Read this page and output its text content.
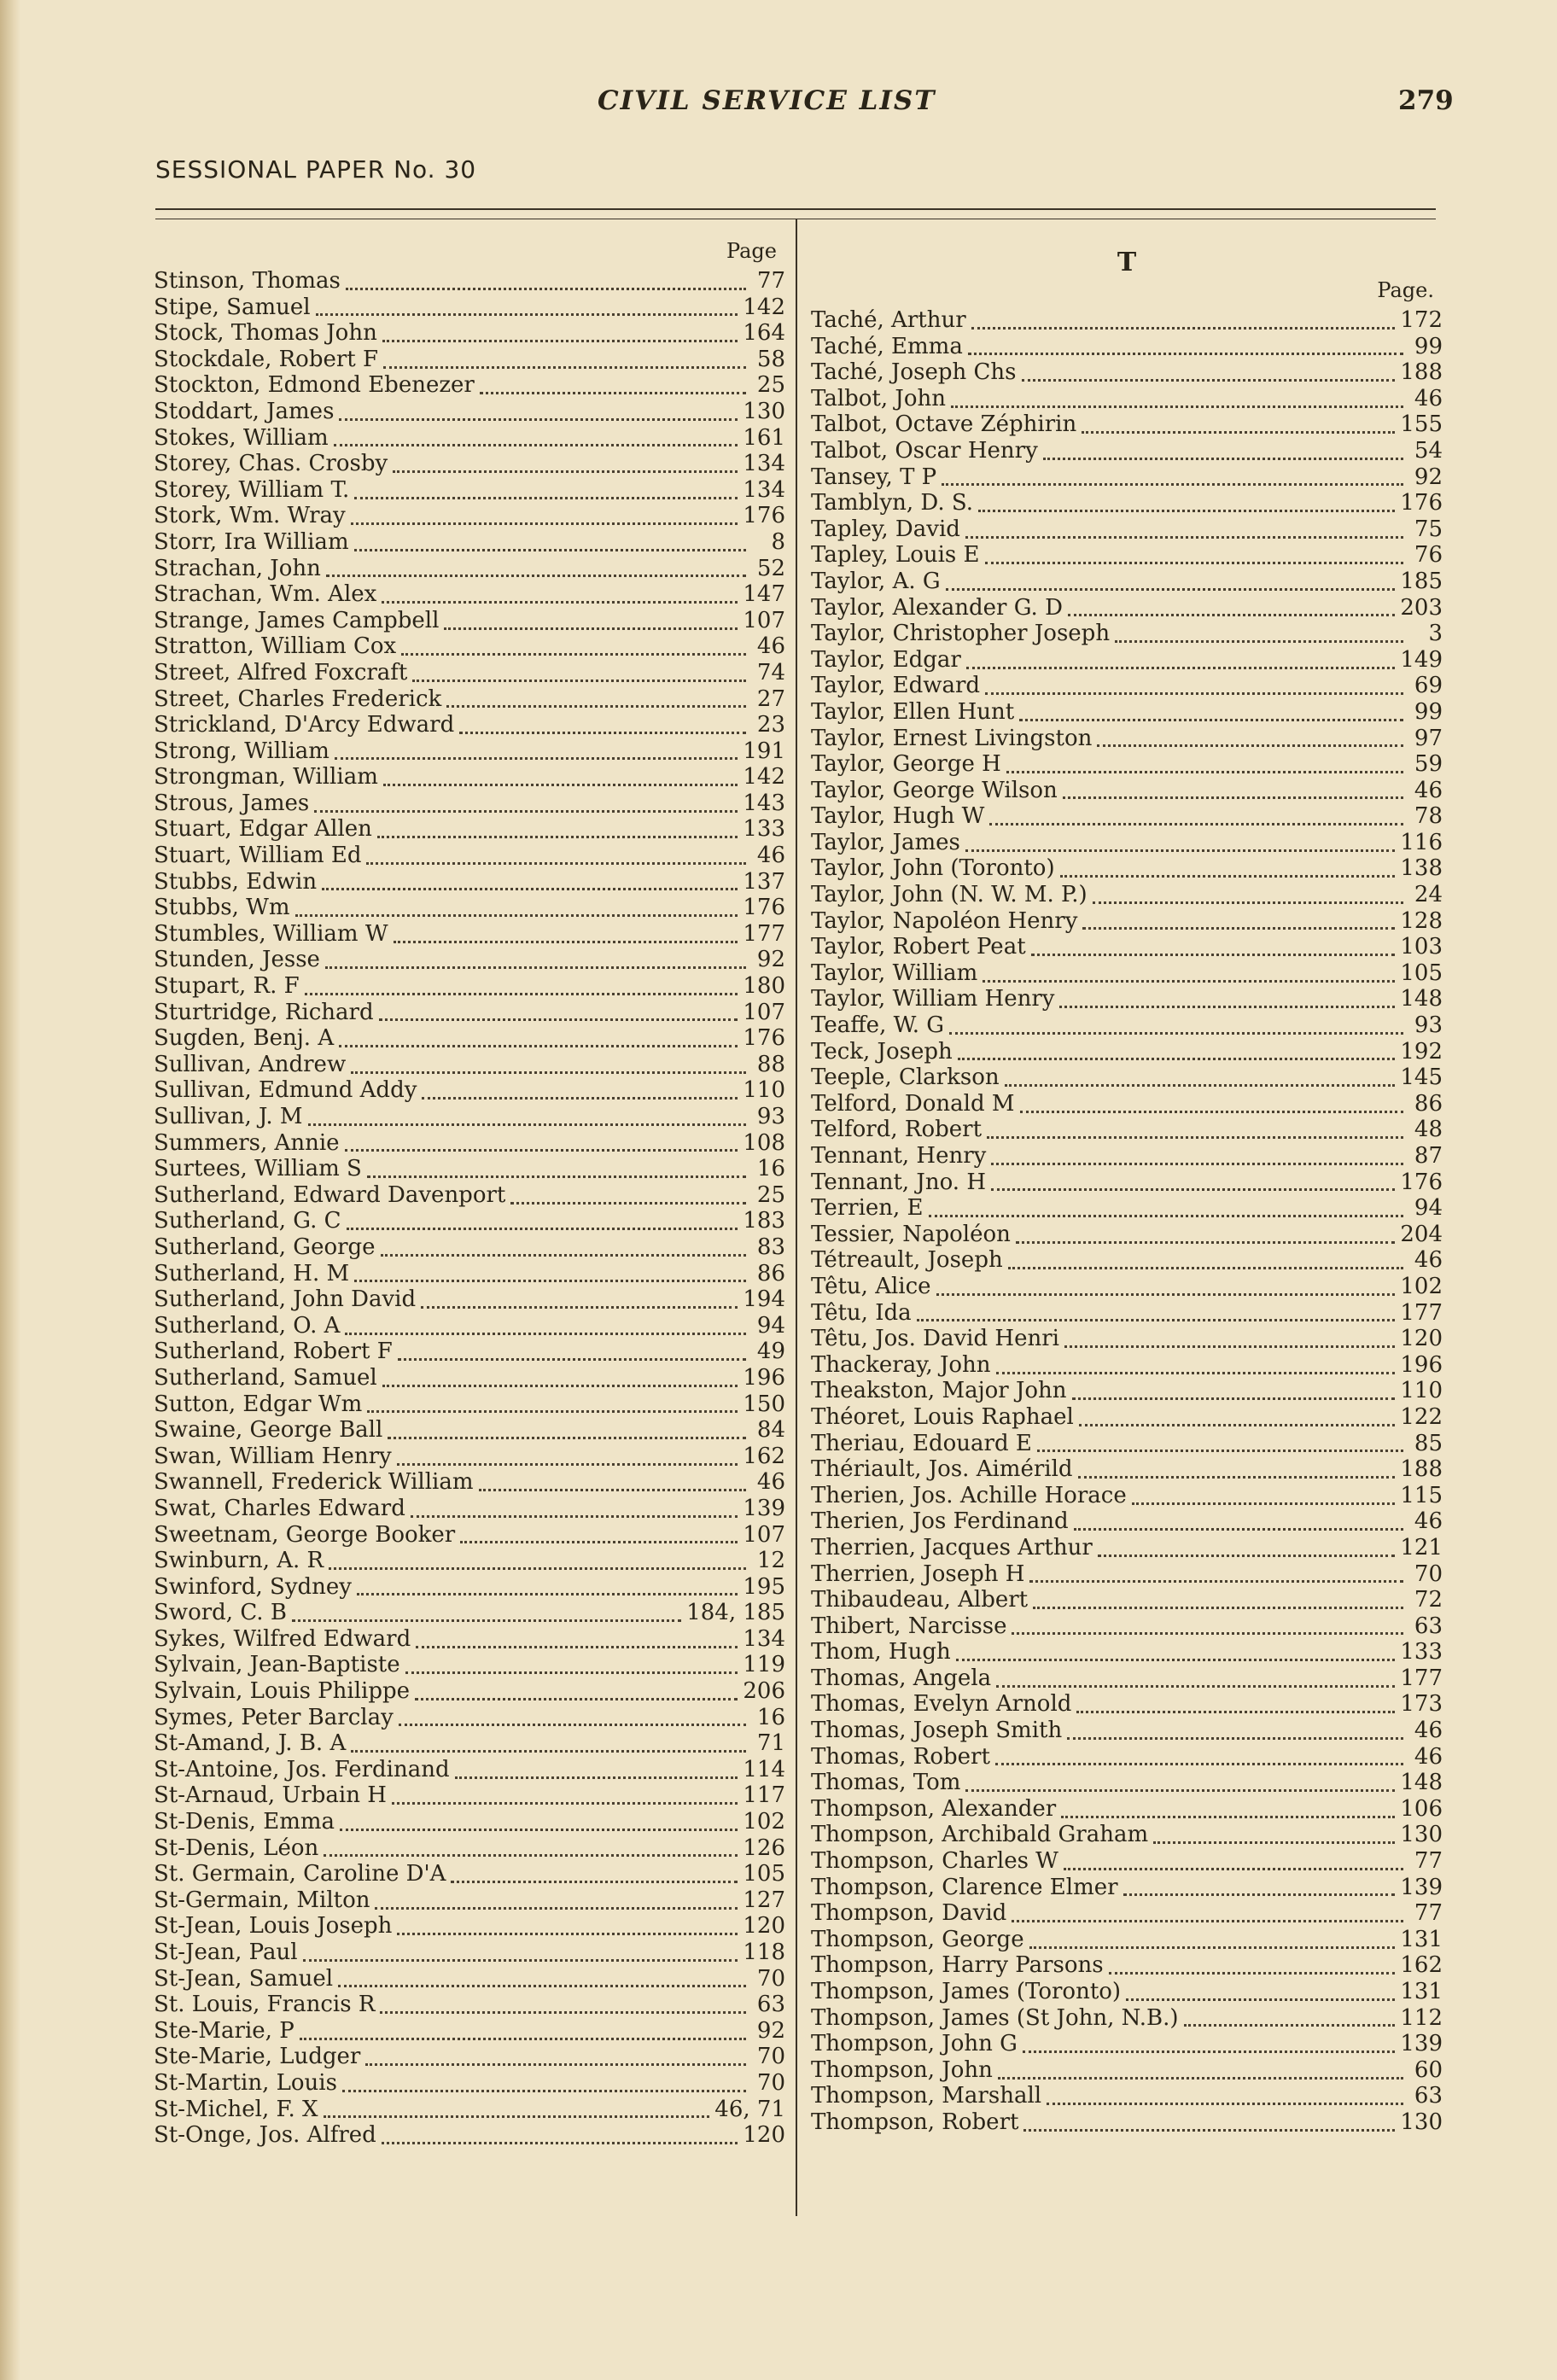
CIVIL SERVICE LIST	279
SESSIONAL PAPER No. 30
Page
Stinson, Thomas	77
Stipe, Samuel	142
Stock, Thomas John	164
Stockdale, Robert F	58
Stockton, Edmond Ebenezer	25
Stoddart, James	130
Stokes, William	161
Storey, Chas. Crosby	134
Storey, William T.	134
Stork, Wm. Wray	176
Storr, Ira William	8
Strachan, John	52
Strachan, Wm. Alex	147
Strange, James Campbell	107
Stratton, William Cox	46
Street, Alfred Foxcraft	74
Street, Charles Frederick	27
Strickland, D'Arcy Edward	23
Strong, William	191
Strongman, William	142
Strous, James	143
Stuart, Edgar Allen	133
Stuart, William Ed	46
Stubbs, Edwin	137
Stubbs, Wm	176
Stumbles, William W	177
Stunden, Jesse	92
Stupart, R. F	180
Sturtridge, Richard	107
Sugden, Benj. A	176
Sullivan, Andrew	88
Sullivan, Edmund Addy	110
Sullivan, J. M	93
Summers, Annie	108
Surtees, William S	16
Sutherland, Edward Davenport	25
Sutherland, G. C	183
Sutherland, George	83
Sutherland, H. M	86
Sutherland, John David	194
Sutherland, O. A	94
Sutherland, Robert F	49
Sutherland, Samuel	196
Sutton, Edgar Wm	150
Swaine, George Ball	84
Swan, William Henry	162
Swannell, Frederick William	46
Swat, Charles Edward	139
Sweetnam, George Booker	107
Swinburn, A. R	12
Swinford, Sydney	195
Sword, C. B	184, 185
Sykes, Wilfred Edward	134
Sylvain, Jean-Baptiste	119
Sylvain, Louis Philippe	206
Symes, Peter Barclay	16
St-Amand, J. B. A	71
St-Antoine, Jos. Ferdinand	114
St-Arnaud, Urbain H	117
St-Denis, Emma	102
St-Denis, Léon	126
St. Germain, Caroline D'A	105
St-Germain, Milton	127
St-Jean, Louis Joseph	120
St-Jean, Paul	118
St-Jean, Samuel	70
St. Louis, Francis R	63
Ste-Marie, P	92
Ste-Marie, Ludger	70
St-Martin, Louis	70
St-Michel, F. X	46, 71
St-Onge, Jos. Alfred	120
T
Page.
Taché, Arthur	172
Taché, Emma	99
Taché, Joseph Chs	188
Talbot, John	46
Talbot, Octave Zéphirin	155
Talbot, Oscar Henry	54
Tansey, T P	92
Tamblyn, D. S.	176
Tapley, David	75
Tapley, Louis E	76
Taylor, A. G	185
Taylor, Alexander G. D	203
Taylor, Christopher Joseph	3
Taylor, Edgar	149
Taylor, Edward	69
Taylor, Ellen Hunt	99
Taylor, Ernest Livingston	97
Taylor, George H	59
Taylor, George Wilson	46
Taylor, Hugh W	78
Taylor, James	116
Taylor, John (Toronto)	138
Taylor, John (N. W. M. P.)	24
Taylor, Napoléon Henry	128
Taylor, Robert Peat	103
Taylor, William	105
Taylor, William Henry	148
Teaffe, W. G	93
Teck, Joseph	192
Teeple, Clarkson	145
Telford, Donald M	86
Telford, Robert	48
Tennant, Henry	87
Tennant, Jno. H	176
Terrien, E	94
Tessier, Napoléon	204
Tétreault, Joseph	46
Têtu, Alice	102
Têtu, Ida	177
Têtu, Jos. David Henri	120
Thackeray, John	196
Theakston, Major John	110
Théoret, Louis Raphael	122
Theriau, Edouard E	85
Thériault, Jos. Aimérild	188
Therien, Jos. Achille Horace	115
Therien, Jos Ferdinand	46
Therrien, Jacques Arthur	121
Therrien, Joseph H	70
Thibaudeau, Albert	72
Thibert, Narcisse	63
Thom, Hugh	133
Thomas, Angela	177
Thomas, Evelyn Arnold	173
Thomas, Joseph Smith	46
Thomas, Robert	46
Thomas, Tom	148
Thompson, Alexander	106
Thompson, Archibald Graham	130
Thompson, Charles W	77
Thompson, Clarence Elmer	139
Thompson, David	77
Thompson, George	131
Thompson, Harry Parsons	162
Thompson, James (Toronto)	131
Thompson, James (St John, N.B.)	112
Thompson, John G	139
Thompson, John	60
Thompson, Marshall	63
Thompson, Robert	130
